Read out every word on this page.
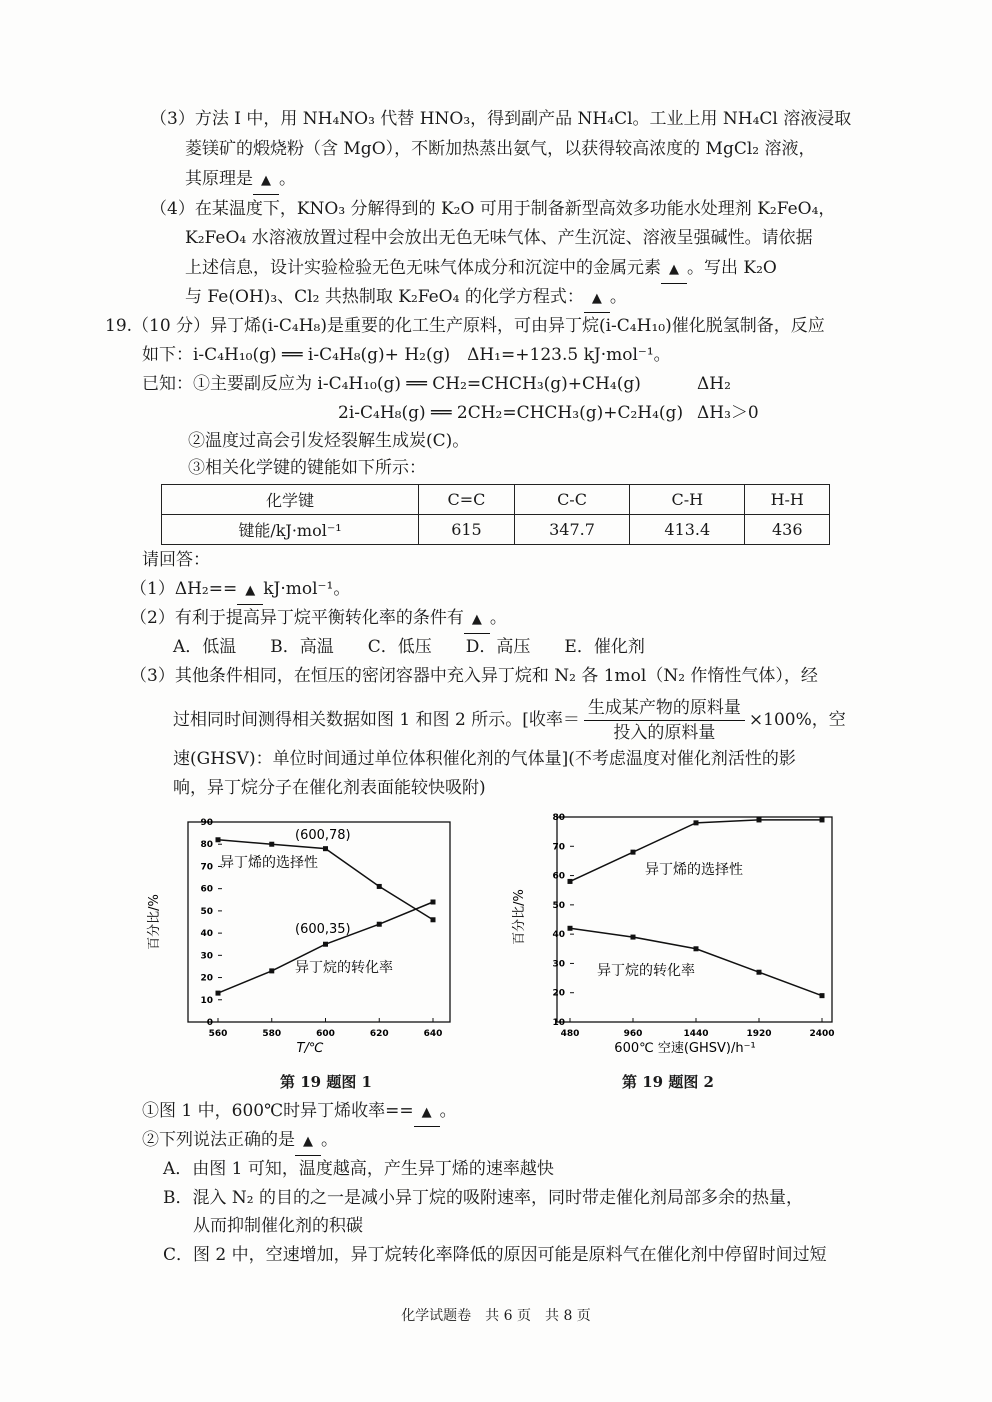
（3）方法 I 中，用 NH₄NO₃ 代替 HNO₃，得到副产品 NH₄Cl。工业上用 NH₄Cl 溶液浸取
菱镁矿的煅烧粉（含 MgO），不断加热蒸出氨气，以获得较高浓度的 MgCl₂ 溶液，
其原理是 ▲ 。
（4）在某温度下，KNO₃ 分解得到的 K₂O 可用于制备新型高效多功能水处理剂 K₂FeO₄，
K₂FeO₄ 水溶液放置过程中会放出无色无味气体、产生沉淀、溶液呈强碱性。请依据
上述信息，设计实验检验无色无味气体成分和沉淀中的金属元素 ▲ 。写出 K₂O
与 Fe(OH)₃、Cl₂ 共热制取 K₂FeO₄ 的化学方程式： ▲ 。
19.（10 分）异丁烯(i-C₄H₈)是重要的化工生产原料，可由异丁烷(i-C₄H₁₀)催化脱氢制备，反应
如下：i-C₄H₁₀(g) ══ i-C₄H₈(g)+ H₂(g)　ΔH₁=+123.5 kJ·mol⁻¹。
已知：①主要副反应为 i-C₄H₁₀(g) ══ CH₂=CHCH₃(g)+CH₄(g)	ΔH₂
2i-C₄H₈(g) ══ 2CH₂=CHCH₃(g)+C₂H₄(g) ΔH₃＞0
②温度过高会引发烃裂解生成炭(C)。
③相关化学键的键能如下所示：
化学键	C=C	C-C	C-H	H-H
键能/kJ·mol⁻¹	615	347.7	413.4	436
请回答：
（1）ΔH₂== ▲ kJ·mol⁻¹。
（2）有利于提高异丁烷平衡转化率的条件有 ▲ 。
A．低温　　B．高温　　C．低压　　D．高压　　E．催化剂
（3）其他条件相同，在恒压的密闭容器中充入异丁烷和 N₂ 各 1mol（N₂ 作惰性气体），经
过相同时间测得相关数据如图 1 和图 2 所示。[收率＝ $\frac{\text{生成某产物的原料量}}{\text{投入的原料量}} \times 100\%$，空
速(GHSV)：单位时间通过单位体积催化剂的气体量](不考虑温度对催化剂活性的影
响，异丁烷分子在催化剂表面能较快吸附)
0
10
20
30
40
50
60
70
80
90
560	580	600	620	640
异丁烯的选择性
异丁烷的转化率
(600,78)
(600,35)
百分比/%
T/℃
10
20
30
40
50
60
70
80
480	960	1440	1920	2400
异丁烯的选择性
异丁烷的转化率
百分比/%
600℃ 空速(GHSV)/h⁻¹
第 19 题图 1	第 19 题图 2
①图 1 中，600℃时异丁烯收率== ▲ 。
②下列说法正确的是 ▲ 。
A．由图 1 可知，温度越高，产生异丁烯的速率越快
B．混入 N₂ 的目的之一是减小异丁烷的吸附速率，同时带走催化剂局部多余的热量，
从而抑制催化剂的积碳
C．图 2 中，空速增加，异丁烷转化率降低的原因可能是原料气在催化剂中停留时间过短
化学试题卷　共 6 页　共 8 页
